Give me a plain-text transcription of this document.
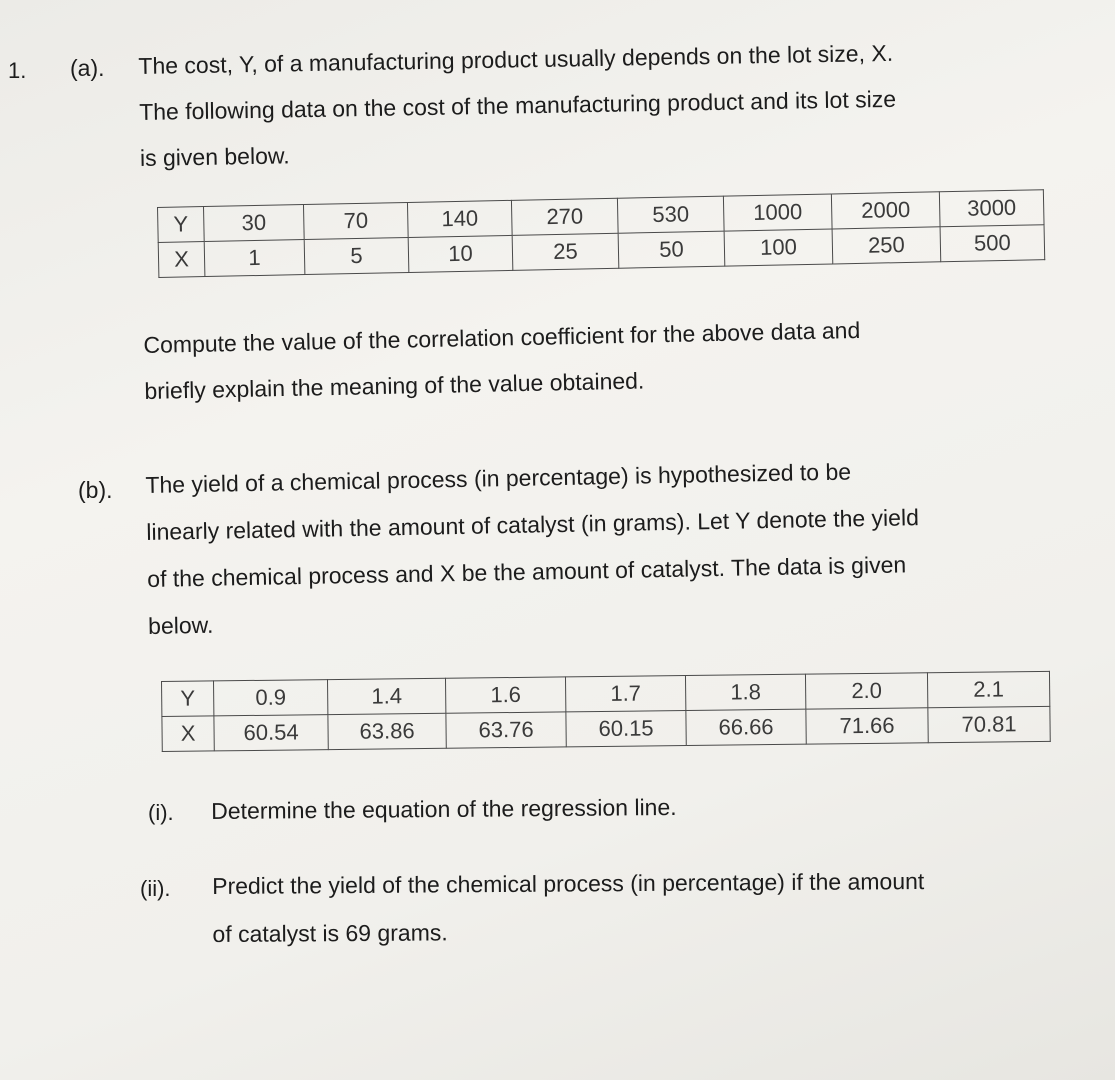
1. (a). The cost, Y, of a manufacturing product usually depends on the lot size, X.
The following data on the cost of the manufacturing product and its lot size
is given below.
Y	30	70	140	270	530	1000	2000	3000
X	1	5	10	25	50	100	250	500
Compute the value of the correlation coefficient for the above data and
briefly explain the meaning of the value obtained.
(b). The yield of a chemical process (in percentage) is hypothesized to be
linearly related with the amount of catalyst (in grams). Let Y denote the yield
of the chemical process and X be the amount of catalyst. The data is given
below.
Y	0.9	1.4	1.6	1.7	1.8	2.0	2.1
X	60.54	63.86	63.76	60.15	66.66	71.66	70.81
(i). Determine the equation of the regression line.
(ii). Predict the yield of the chemical process (in percentage) if the amount
of catalyst is 69 grams.
